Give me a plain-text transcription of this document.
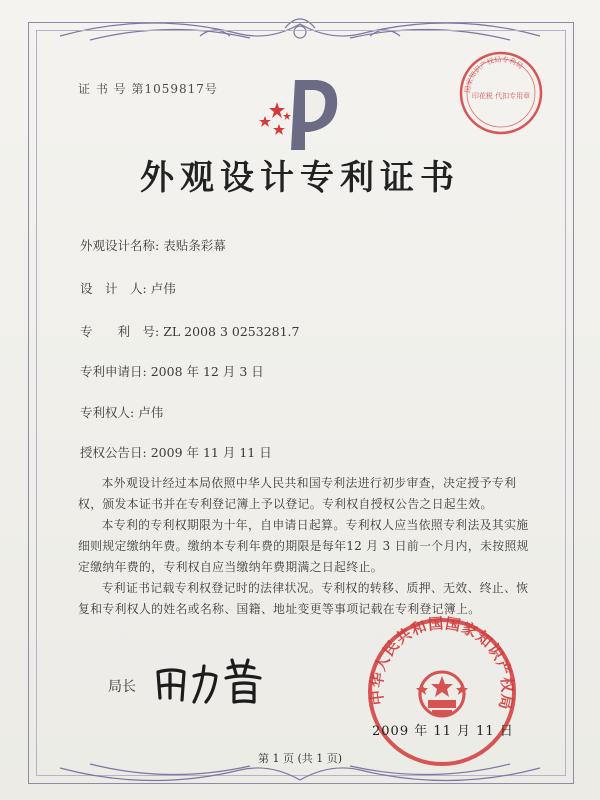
证 书 号 第1059817号	国家知识产权局专利局
印花税 代扣专用章
外观设计专利证书
外观设计名称: 表贴条彩幕
设　计　人: 卢伟
专　　利　号: ZL 2008 3 0253281.7
专利申请日: 2008 年 12 月 3 日
专利权人: 卢伟
授权公告日: 2009 年 11 月 11 日

本外观设计经过本局依照中华人民共和国专利法进行初步审查，决定授予专利权，颁发本证书并在专利登记簿上予以登记。专利权自授权公告之日起生效。

本专利的专利权期限为十年，自申请日起算。专利权人应当依照专利法及其实施细则规定缴纳年费。缴纳本专利年费的期限是每年12 月 3 日前一个月内，未按照规定缴纳年费的，专利权自应当缴纳年费期满之日起终止。

专利证书记载专利权登记时的法律状况。专利权的转移、质押、无效、终止、恢复和专利权人的姓名或名称、国籍、地址变更等事项记载在专利登记簿上。

局长
中华人民共和国国家知识产权局
2009 年 11 月 11 日
第 1 页 (共 1 页)
